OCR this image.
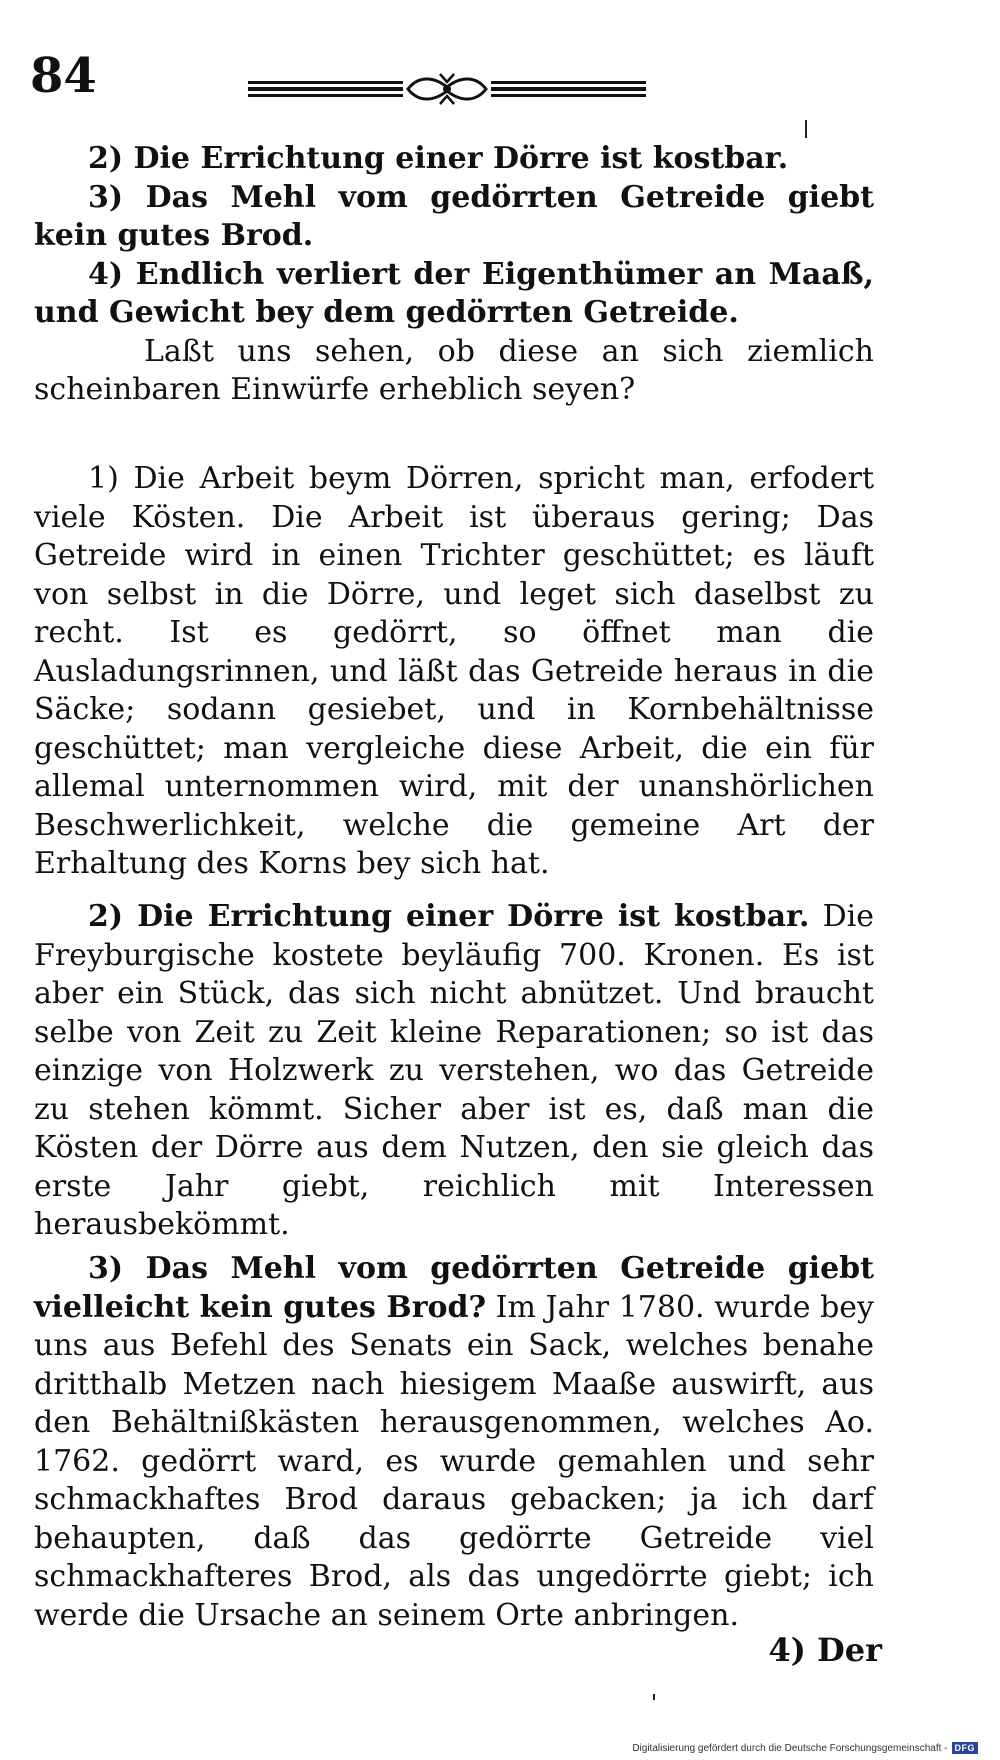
84

2) Die Errichtung einer Dörre ist kostbar.

3) Das Mehl vom gedörrten Getreide giebt kein gutes Brod.

4) Endlich verliert der Eigenthümer an Maaß, und Gewicht bey dem gedörrten Getreide.

Laßt uns sehen, ob diese an sich ziemlich scheinbaren Einwürfe erheblich seyen?

1) Die Arbeit beym Dörren, spricht man, erfodert viele Kösten. Die Arbeit ist überaus gering; Das Getreide wird in einen Trichter geschüttet; es läuft von selbst in die Dörre, und leget sich daselbst zu recht. Ist es gedörrt, so öffnet man die Ausladungsrinnen, und läßt das Getreide heraus in die Säcke; sodann gesiebet, und in Kornbehältnisse geschüttet; man vergleiche diese Arbeit, die ein für allemal unternommen wird, mit der unanshörlichen Beschwerlichkeit, welche die gemeine Art der Erhaltung des Korns bey sich hat.

2) Die Errichtung einer Dörre ist kostbar. Die Freyburgische kostete beyläufig 700. Kronen. Es ist aber ein Stück, das sich nicht abnützet. Und braucht selbe von Zeit zu Zeit kleine Reparationen; so ist das einzige von Holzwerk zu verstehen, wo das Getreide zu stehen kömmt. Sicher aber ist es, daß man die Kösten der Dörre aus dem Nutzen, den sie gleich das erste Jahr giebt, reichlich mit Interessen herausbekömmt.

3) Das Mehl vom gedörrten Getreide giebt vielleicht kein gutes Brod? Im Jahr 1780. wurde bey uns aus Befehl des Senats ein Sack, welches benahe dritthalb Metzen nach hiesigem Maaße auswirft, aus den Behältnißkästen herausgenommen, welches Ao. 1762. gedörrt ward, es wurde gemahlen und sehr schmackhaftes Brod daraus gebacken; ja ich darf behaupten, daß das gedörrte Getreide viel schmackhafteres Brod, als das ungedörrte giebt; ich werde die Ursache an seinem Orte anbringen.

4) Der
Digitalisierung gefördert durch die Deutsche Forschungsgemeinschaft - DFG
